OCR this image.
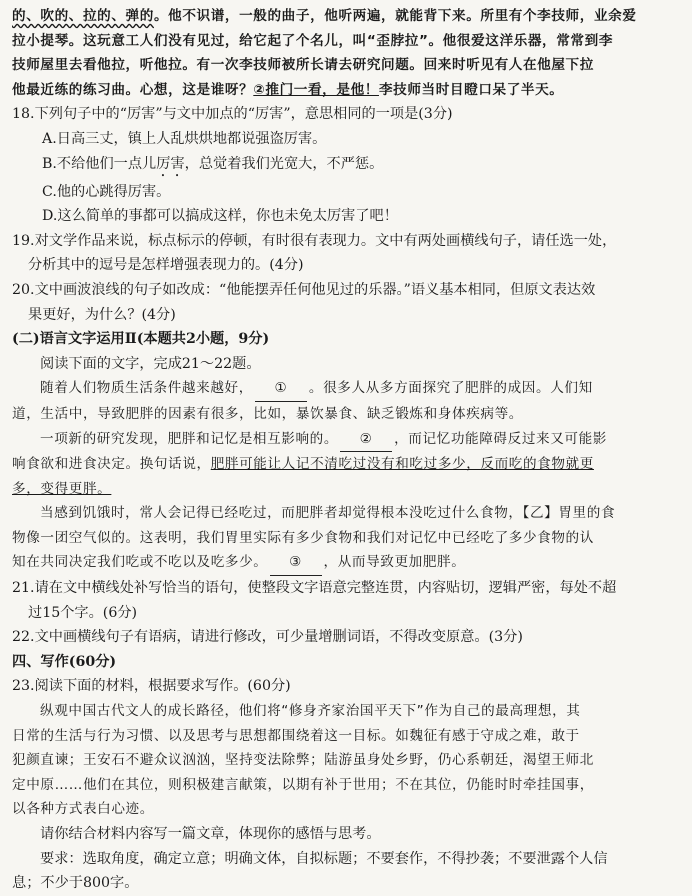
的、吹的、拉的、弹的。他不识谱，一般的曲子，他听两遍，就能背下来。所里有个李技师，业余爱
拉小提琴。这玩意工人们没有见过，给它起了个名儿，叫“歪脖拉”。他很爱这洋乐器，常常到李
技师屋里去看他拉，听他拉。有一次李技师被所长请去研究问题。回来时听见有人在他屋下拉
他最近练的练习曲。心想，这是谁呀？②推门一看，是他！李技师当时目瞪口呆了半天。
18.下列句子中的“厉害”与文中加点的“厉害”，意思相同的一项是(3分)
A.日高三丈，镇上人乱烘烘地都说强盗厉害。
B.不给他们一点儿厉害，总觉着我们光宽大，不严惩。
C.他的心跳得厉害。
D.这么简单的事都可以搞成这样，你也未免太厉害了吧！
19.对文学作品来说，标点标示的停顿，有时很有表现力。文中有两处画横线句子，请任选一处，
分析其中的逗号是怎样增强表现力的。(4分)
20.文中画波浪线的句子如改成：“他能摆弄任何他见过的乐器。”语义基本相同，但原文表达效
果更好，为什么？(4分)
(二)语言文字运用Ⅱ(本题共2小题，9分)
阅读下面的文字，完成21～22题。
随着人们物质生活条件越来越好， ① 。很多人从多方面探究了肥胖的成因。人们知
道，生活中，导致肥胖的因素有很多，比如，暴饮暴食、缺乏锻炼和身体疾病等。
一项新的研究发现，肥胖和记忆是相互影响的。 ② ，而记忆功能障碍反过来又可能影
响食欲和进食决定。换句话说，肥胖可能让人记不清吃过没有和吃过多少，反而吃的食物就更
多，变得更胖。
当感到饥饿时，常人会记得已经吃过，而肥胖者却觉得根本没吃过什么食物，【乙】胃里的食
物像一团空气似的。这表明，我们胃里实际有多少食物和我们对记忆中已经吃了多少食物的认
知在共同决定我们吃或不吃以及吃多少。 ③ ，从而导致更加肥胖。
21.请在文中横线处补写恰当的语句，使整段文字语意完整连贯，内容贴切，逻辑严密，每处不超
过15个字。(6分)
22.文中画横线句子有语病，请进行修改，可少量增删词语，不得改变原意。(3分)
四、写作(60分)
23.阅读下面的材料，根据要求写作。(60分)
纵观中国古代文人的成长路径，他们将“修身齐家治国平天下”作为自己的最高理想，其
日常的生活与行为习惯、以及思考与思想都围绕着这一目标。如魏征有感于守成之难，敢于
犯颜直谏；王安石不避众议汹汹，坚持变法除弊；陆游虽身处乡野，仍心系朝廷，渴望王师北
定中原……他们在其位，则积极建言献策，以期有补于世用；不在其位，仍能时时牵挂国事，
以各种方式表白心迹。
请你结合材料内容写一篇文章，体现你的感悟与思考。
要求：选取角度，确定立意；明确文体，自拟标题；不要套作，不得抄袭；不要泄露个人信
息；不少于800字。
